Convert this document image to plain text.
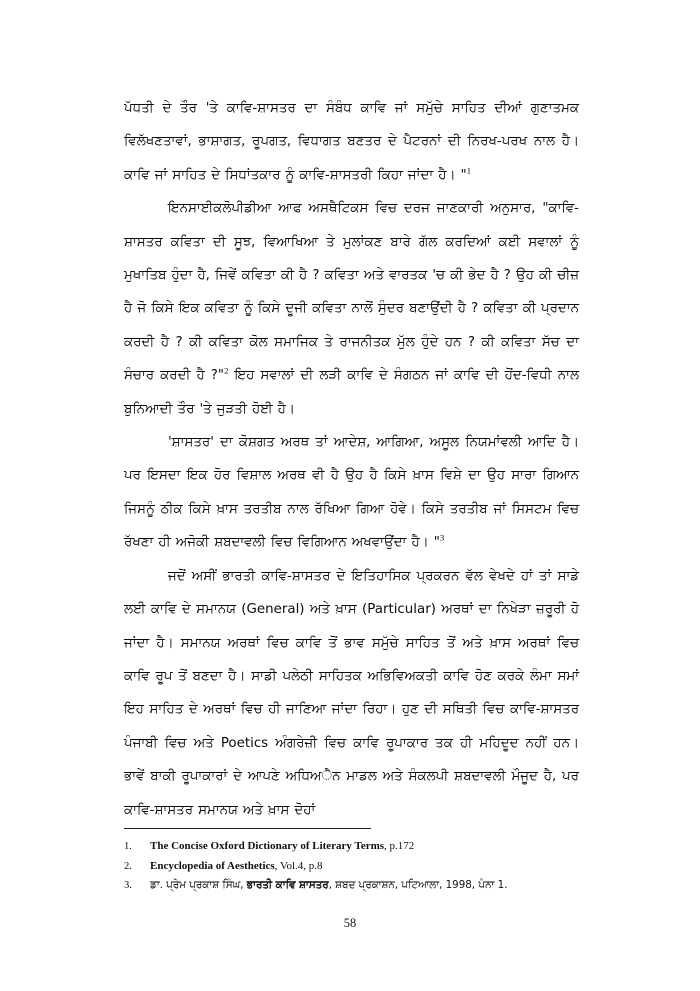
ਪੱਧਤੀ ਦੇ ਤੌਰ 'ਤੇ ਕਾਵਿ-ਸ਼ਾਸਤਰ ਦਾ ਸੰਬੰਧ ਕਾਵਿ ਜਾਂ ਸਮੁੱਚੇ ਸਾਹਿਤ ਦੀਆਂ ਗੁਣਾਤਮਕ ਵਿਲੱਖਣਤਾਵਾਂ, ਭਾਸ਼ਾਗਤ, ਰੂਪਗਤ, ਵਿਧਾਗਤ ਬਣਤਰ ਦੇ ਪੈਟਰਨਾਂ ਦੀ ਨਿਰਖ-ਪਰਖ ਨਾਲ ਹੈ। ਕਾਵਿ ਜਾਂ ਸਾਹਿਤ ਦੇ ਸਿਧਾਂਤਕਾਰ ਨੂੰ ਕਾਵਿ-ਸ਼ਾਸਤਰੀ ਕਿਹਾ ਜਾਂਦਾ ਹੈ। "$^1$

ਇਨਸਾਈਕਲੋਪੀਡੀਆ ਆਫ ਅਸਥੈਟਿਕਸ ਵਿਚ ਦਰਜ ਜਾਣਕਾਰੀ ਅਨੁਸਾਰ, "ਕਾਵਿ-ਸ਼ਾਸਤਰ ਕਵਿਤਾ ਦੀ ਸੂਝ, ਵਿਆਖਿਆ ਤੇ ਮੁਲਾਂਕਣ ਬਾਰੇ ਗੱਲ ਕਰਦਿਆਂ ਕਈ ਸਵਾਲਾਂ ਨੂੰ ਮੁਖਾਤਿਬ ਹੁੰਦਾ ਹੈ, ਜਿਵੇਂ ਕਵਿਤਾ ਕੀ ਹੈ ? ਕਵਿਤਾ ਅਤੇ ਵਾਰਤਕ 'ਚ ਕੀ ਭੇਦ ਹੈ ? ਉਹ ਕੀ ਚੀਜ਼ ਹੈ ਜੋ ਕਿਸੇ ਇਕ ਕਵਿਤਾ ਨੂੰ ਕਿਸੇ ਦੂਜੀ ਕਵਿਤਾ ਨਾਲੋਂ ਸੁੰਦਰ ਬਣਾਉਂਦੀ ਹੈ ? ਕਵਿਤਾ ਕੀ ਪ੍ਰਦਾਨ ਕਰਦੀ ਹੈ ? ਕੀ ਕਵਿਤਾ ਕੋਲ ਸਮਾਜਿਕ ਤੇ ਰਾਜਨੀਤਕ ਮੁੱਲ ਹੁੰਦੇ ਹਨ ? ਕੀ ਕਵਿਤਾ ਸੱਚ ਦਾ ਸੰਚਾਰ ਕਰਦੀ ਹੈ ?"$^2$ ਇਹ ਸਵਾਲਾਂ ਦੀ ਲੜੀ ਕਾਵਿ ਦੇ ਸੰਗਠਨ ਜਾਂ ਕਾਵਿ ਦੀ ਹੋਂਦ-ਵਿਧੀ ਨਾਲ ਬੁਨਿਆਦੀ ਤੌਰ 'ਤੇ ਜੁੜਤੀ ਹੋਈ ਹੈ।

'ਸ਼ਾਸਤਰ' ਦਾ ਕੋਸ਼ਗਤ ਅਰਥ ਤਾਂ ਆਦੇਸ਼, ਆਗਿਆ, ਅਸੂਲ ਨਿਯਮਾਂਵਲੀ ਆਦਿ ਹੈ। ਪਰ ਇਸਦਾ ਇਕ ਹੋਰ ਵਿਸ਼ਾਲ ਅਰਥ ਵੀ ਹੈ ਉਹ ਹੈ ਕਿਸੇ ਖ਼ਾਸ ਵਿਸ਼ੇ ਦਾ ਉਹ ਸਾਰਾ ਗਿਆਨ ਜਿਸਨੂੰ ਠੀਕ ਕਿਸੇ ਖ਼ਾਸ ਤਰਤੀਬ ਨਾਲ ਰੱਖਿਆ ਗਿਆ ਹੋਵੇ। ਕਿਸੇ ਤਰਤੀਬ ਜਾਂ ਸਿਸਟਮ ਵਿਚ ਰੱਖਣਾ ਹੀ ਅਜੋਕੀ ਸ਼ਬਦਾਵਲੀ ਵਿਚ ਵਿਗਿਆਨ ਅਖਵਾਉਂਦਾ ਹੈ। "$^3$

ਜਦੋਂ ਅਸੀਂ ਭਾਰਤੀ ਕਾਵਿ-ਸ਼ਾਸਤਰ ਦੇ ਇਤਿਹਾਸਿਕ ਪ੍ਰਕਰਨ ਵੱਲ ਵੇਖਦੇ ਹਾਂ ਤਾਂ ਸਾਡੇ ਲਈ ਕਾਵਿ ਦੇ ਸਮਾਨਯ (General) ਅਤੇ ਖ਼ਾਸ (Particular) ਅਰਥਾਂ ਦਾ ਨਿਖੇੜਾ ਜ਼ਰੂਰੀ ਹੋ ਜਾਂਦਾ ਹੈ। ਸਮਾਨਯ ਅਰਥਾਂ ਵਿਚ ਕਾਵਿ ਤੋਂ ਭਾਵ ਸਮੁੱਚੇ ਸਾਹਿਤ ਤੋਂ ਅਤੇ ਖ਼ਾਸ ਅਰਥਾਂ ਵਿਚ ਕਾਵਿ ਰੂਪ ਤੋਂ ਬਣਦਾ ਹੈ। ਸਾਡੀ ਪਲੇਠੀ ਸਾਹਿਤਕ ਅਭਿਵਿਅਕਤੀ ਕਾਵਿ ਹੋਣ ਕਰਕੇ ਲੰਮਾ ਸਮਾਂ ਇਹ ਸਾਹਿਤ ਦੇ ਅਰਥਾਂ ਵਿਚ ਹੀ ਜਾਣਿਆ ਜਾਂਦਾ ਰਿਹਾ। ਹੁਣ ਦੀ ਸਥਿਤੀ ਵਿਚ ਕਾਵਿ-ਸ਼ਾਸਤਰ ਪੰਜਾਬੀ ਵਿਚ ਅਤੇ Poetics ਅੰਗਰੇਜ਼ੀ ਵਿਚ ਕਾਵਿ ਰੂਪਾਕਾਰ ਤਕ ਹੀ ਮਹਿਦੂਦ ਨਹੀਂ ਹਨ। ਭਾਵੇਂ ਬਾਕੀ ਰੂਪਾਕਾਰਾਂ ਦੇ ਆਪਣੇ ਅਧਿਅੈਨ ਮਾਡਲ ਅਤੇ ਸੰਕਲਪੀ ਸ਼ਬਦਾਵਲੀ ਮੌਜੂਦ ਹੈ, ਪਰ ਕਾਵਿ-ਸ਼ਾਸਤਰ ਸਮਾਨਯ ਅਤੇ ਖ਼ਾਸ ਦੋਹਾਂ

1.	The Concise Oxford Dictionary of Literary Terms, p.172
2.	Encyclopedia of Aesthetics, Vol.4, p.8
3.	ਡਾ. ਪ੍ਰੇਮ ਪ੍ਰਕਾਸ਼ ਸਿੰਘ, ਭਾਰਤੀ ਕਾਵਿ ਸ਼ਾਸਤਰ, ਸ਼ਬਦ ਪ੍ਰਕਾਸ਼ਨ, ਪਟਿਆਲਾ, 1998, ਪੰਨਾ 1.
58
